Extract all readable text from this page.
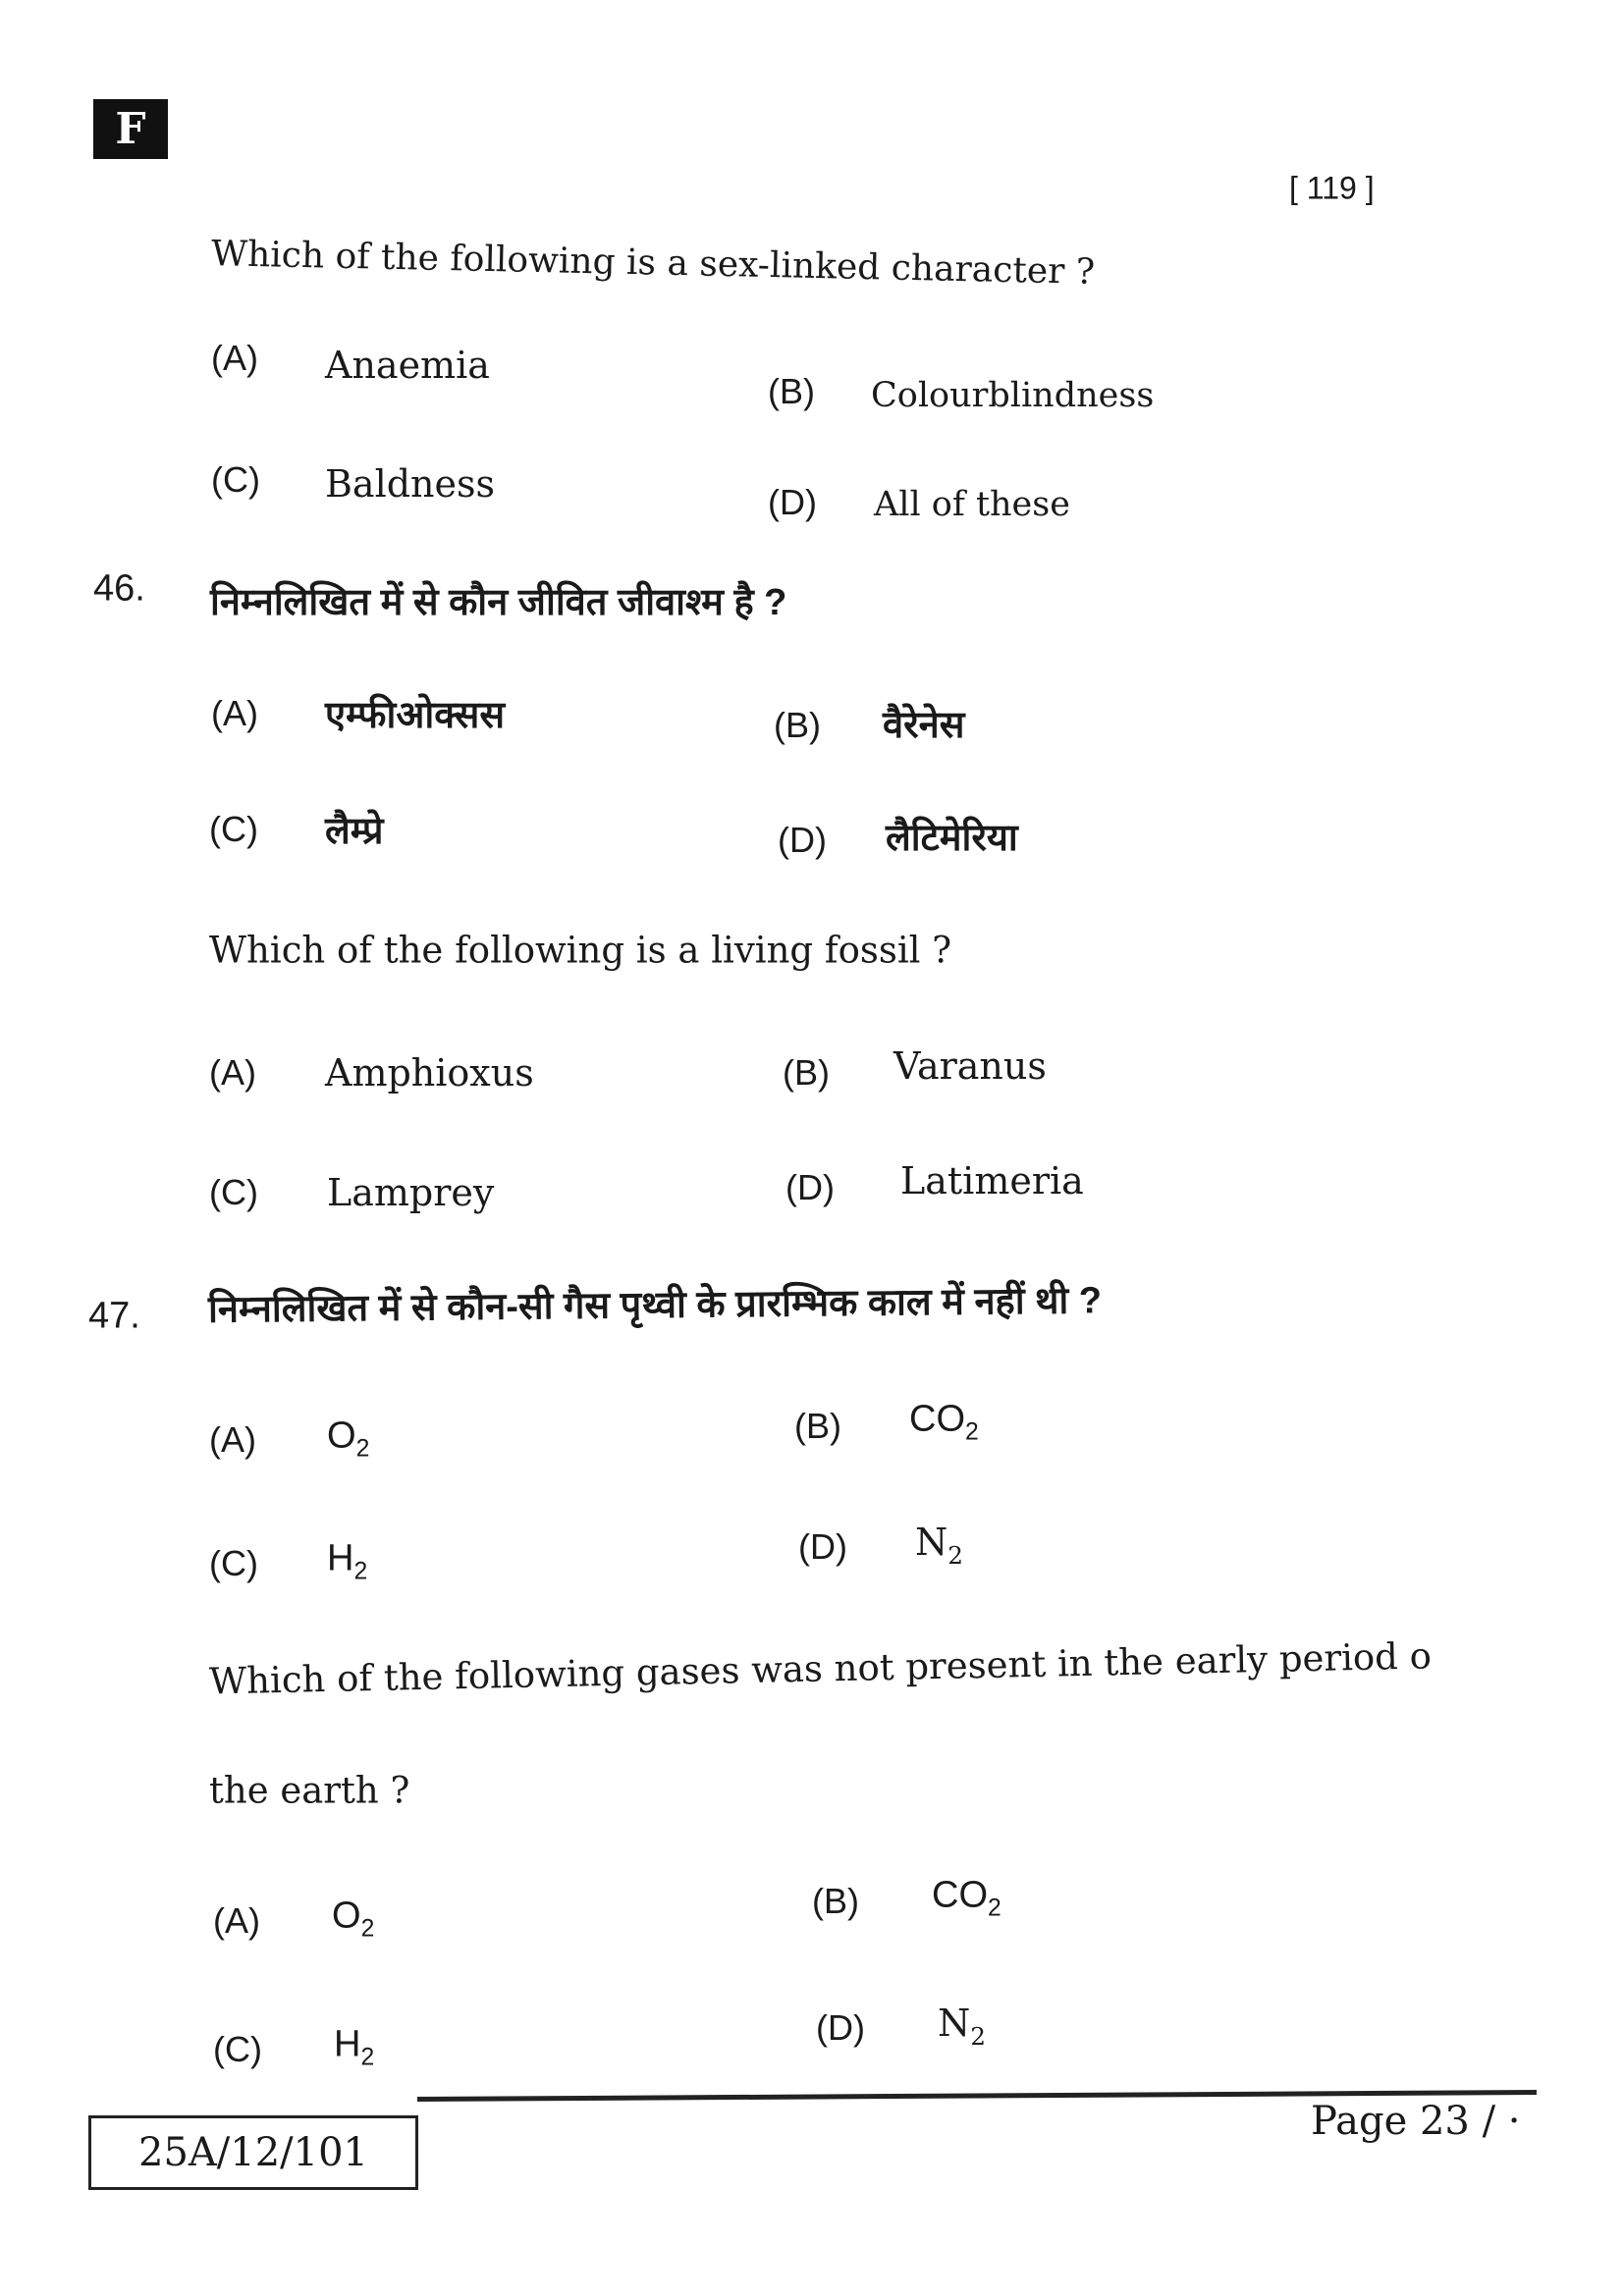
F
[ 119 ]
Which of the following is a sex-linked character ?
(A) Anaemia
(B) Colourblindness
(C) Baldness	(D) All of these
46. निम्नलिखित में से कौन जीवित जीवाश्म है ?
(A) एम्फीओक्सस	(B) वैरेनेस
(C) लैम्प्रे	(D) लैटिमेरिया
Which of the following is a living fossil ?
(A) Amphioxus	(B) Varanus
(C) Lamprey	(D) Latimeria
47. निम्नलिखित में से कौन-सी गैस पृथ्वी के प्रारम्भिक काल में नहीं थी ?
(A) $O_2$
(B) $CO_2$
(C) $H_2$
(D) $N_2$
Which of the following gases was not present in the early period o
the earth ?
(A) $O_2$
(B) $CO_2$
(C) $H_2$
(D) $N_2$
25A/12/101
Page 23 / ·
